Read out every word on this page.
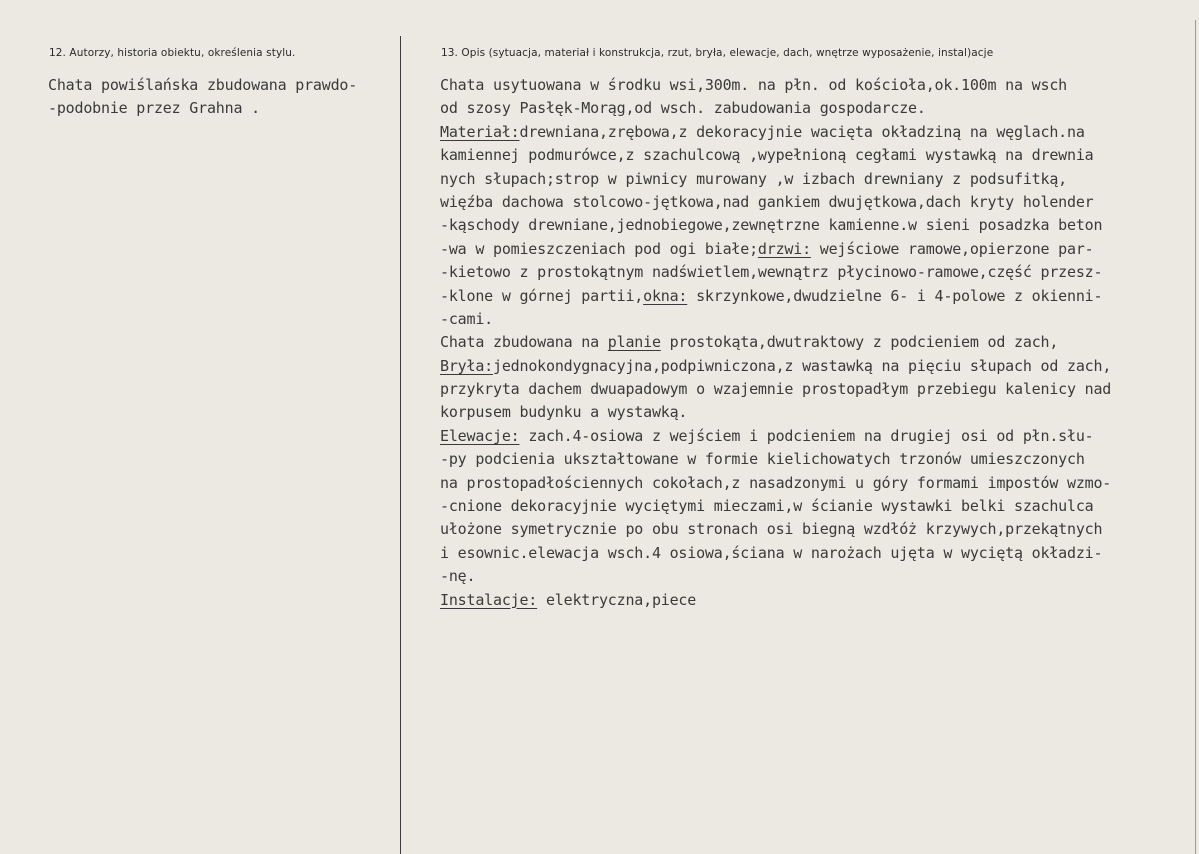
12. Autorzy, historia obiektu, określenia stylu.	13. Opis (sytuacja, materiał i konstrukcja, rzut, bryła, elewacje, dach, wnętrze wyposażenie, instal)acje
Chata powiślańska zbudowana prawdo-
-podobnie przez Grahna .
Chata usytuowana w środku wsi,300m. na płn. od kościoła,ok.100m na wsch
od szosy Pasłęk-Morąg,od wsch. zabudowania gospodarcze.
Materiał:drewniana,zrębowa,z dekoracyjnie wacięta okładziną na węglach.na
kamiennej podmurówce,z szachulcową ,wypełnioną cegłami wystawką na drewnia
nych słupach;strop w piwnicy murowany ,w izbach drewniany z podsufitką,
więźba dachowa stolcowo-jętkowa,nad gankiem dwujętkowa,dach kryty holender
-kąschody drewniane,jednobiegowe,zewnętrzne kamienne.w sieni posadzka beton
-wa w pomieszczeniach pod ogi białe;drzwi: wejściowe ramowe,opierzone par-
-kietowo z prostokątnym nadświetlem,wewnątrz płycinowo-ramowe,część przesz-
-klone w górnej partii,okna: skrzynkowe,dwudzielne 6- i 4-polowe z okienni-
-cami.
Chata zbudowana na planie prostokąta,dwutraktowy z podcieniem od zach,
Bryła:jednokondygnacyjna,podpiwniczona,z wastawką na pięciu słupach od zach,
przykryta dachem dwuapadowym o wzajemnie prostopadłym przebiegu kalenicy nad
korpusem budynku a wystawką.
Elewacje: zach.4-osiowa z wejściem i podcieniem na drugiej osi od płn.słu-
-py podcienia ukształtowane w formie kielichowatych trzonów umieszczonych
na prostopadłościennych cokołach,z nasadzonymi u góry formami impostów wzmo-
-cnione dekoracyjnie wyciętymi mieczami,w ścianie wystawki belki szachulca
ułożone symetrycznie po obu stronach osi biegną wzdłóż krzywych,przekątnych
i esownic.elewacja wsch.4 osiowa,ściana w narożach ujęta w wyciętą okładzi-
-nę.
Instalacje: elektryczna,piece
